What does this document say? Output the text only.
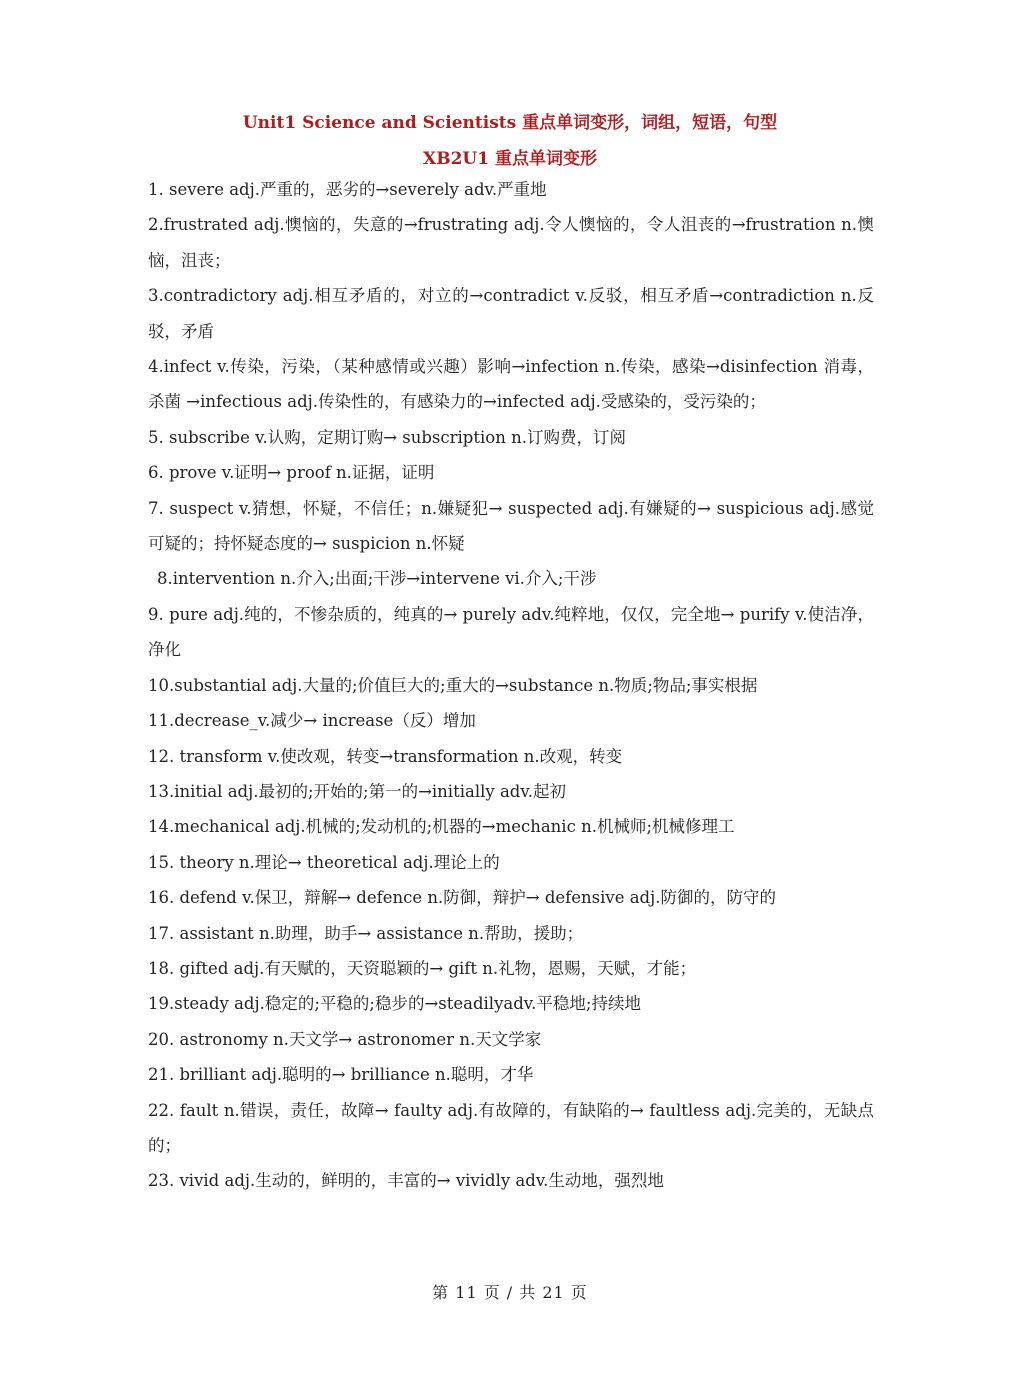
Unit1 Science and Scientists 重点单词变形，词组，短语，句型
XB2U1 重点单词变形
1. severe adj.严重的，恶劣的→severely adv.严重地
2.frustrated adj.懊恼的，失意的→frustrating adj.令人懊恼的，令人沮丧的→frustration n.懊恼，沮丧；
3.contradictory adj.相互矛盾的，对立的→contradict v.反驳，相互矛盾→contradiction n.反驳，矛盾
4.infect v.传染，污染，（某种感情或兴趣）影响→infection n.传染，感染→disinfection 消毒，杀菌 →infectious adj.传染性的，有感染力的→infected adj.受感染的，受污染的；
5. subscribe v.认购，定期订购→ subscription n.订购费，订阅
6. prove v.证明→ proof n.证据，证明
7. suspect v.猜想，怀疑，不信任；n.嫌疑犯→ suspected adj.有嫌疑的→ suspicious adj.感觉可疑的；持怀疑态度的→ suspicion n.怀疑
8.intervention n.介入;出面;干涉→intervene vi.介入;干涉
9. pure adj.纯的，不惨杂质的，纯真的→ purely adv.纯粹地，仅仅，完全地→ purify v.使洁净，净化
10.substantial adj.大量的;价值巨大的;重大的→substance n.物质;物品;事实根据
11.decrease_v.减少→ increase（反）增加
12. transform v.使改观，转变→transformation n.改观，转变
13.initial adj.最初的;开始的;第一的→initially adv.起初
14.mechanical adj.机械的;发动机的;机器的→mechanic n.机械师;机械修理工
15. theory n.理论→ theoretical adj.理论上的
16. defend v.保卫，辩解→ defence n.防御，辩护→ defensive adj.防御的，防守的
17. assistant n.助理，助手→ assistance n.帮助，援助；
18. gifted adj.有天赋的，天资聪颖的→ gift n.礼物，恩赐，天赋，才能；
19.steady adj.稳定的;平稳的;稳步的→steadilyadv.平稳地;持续地
20. astronomy n.天文学→ astronomer n.天文学家
21. brilliant adj.聪明的→ brilliance n.聪明，才华
22. fault n.错误，责任，故障→ faulty adj.有故障的，有缺陷的→ faultless adj.完美的，无缺点的；
23. vivid adj.生动的，鲜明的，丰富的→ vividly adv.生动地，强烈地
第 11 页 / 共 21 页
